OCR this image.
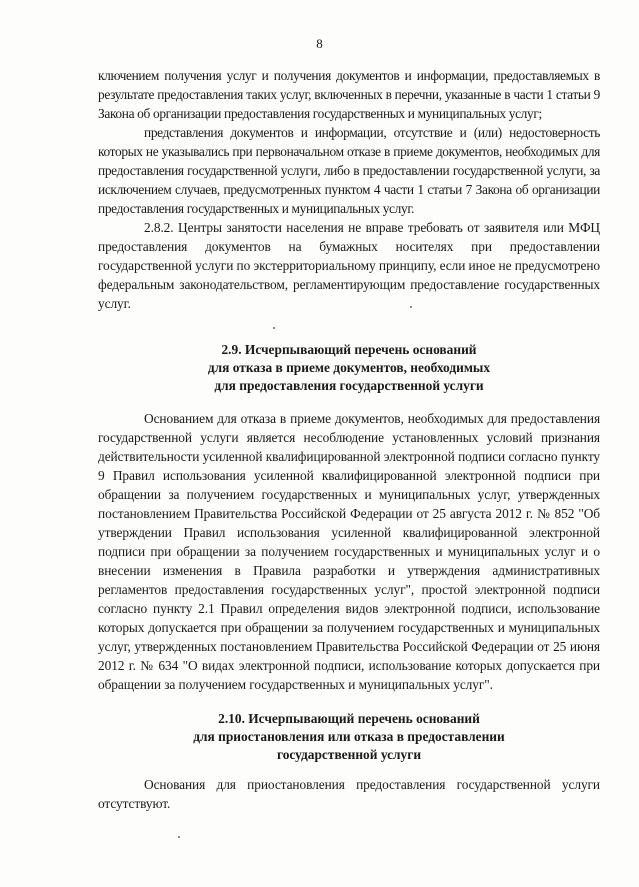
8

ключением получения услуг и получения документов и информации, предоставляемых в результате предоставления таких услуг, включенных в перечни, указанные в части 1 статьи 9 Закона об организации предоставления государственных и муниципальных услуг;

представления документов и информации, отсутствие и (или) недостоверность которых не указывались при первоначальном отказе в приеме документов, необходимых для предоставления государственной услуги, либо в предоставлении государственной услуги, за исключением случаев, предусмотренных пунктом 4 части 1 статьи 7 Закона об организации предоставления государственных и муниципальных услуг.

2.8.2. Центры занятости населения не вправе требовать от заявителя или МФЦ предоставления документов на бумажных носителях при предоставлении государственной услуги по экстерриториальному принципу, если иное не предусмотрено федеральным законодательством, регламентирующим предоставление государственных услуг.

2.9. Исчерпывающий перечень оснований
для отказа в приеме документов, необходимых
для предоставления государственной услуги

Основанием для отказа в приеме документов, необходимых для предоставления государственной услуги является несоблюдение установленных условий признания действительности усиленной квалифицированной электронной подписи согласно пункту 9 Правил использования усиленной квалифицированной электронной подписи при обращении за получением государственных и муниципальных услуг, утвержденных постановлением Правительства Российской Федерации от 25 августа 2012 г. № 852 "Об утверждении Правил использования усиленной квалифицированной электронной подписи при обращении за получением государственных и муниципальных услуг и о внесении изменения в Правила разработки и утверждения административных регламентов предоставления государственных услуг", простой электронной подписи согласно пункту 2.1 Правил определения видов электронной подписи, использование которых допускается при обращении за получением государственных и муниципальных услуг, утвержденных постановлением Правительства Российской Федерации от 25 июня 2012 г. № 634 "О видах электронной подписи, использование которых допускается при обращении за получением государственных и муниципальных услуг".

2.10. Исчерпывающий перечень оснований
для приостановления или отказа в предоставлении
государственной услуги

Основания для приостановления предоставления государственной услуги отсутствуют.
